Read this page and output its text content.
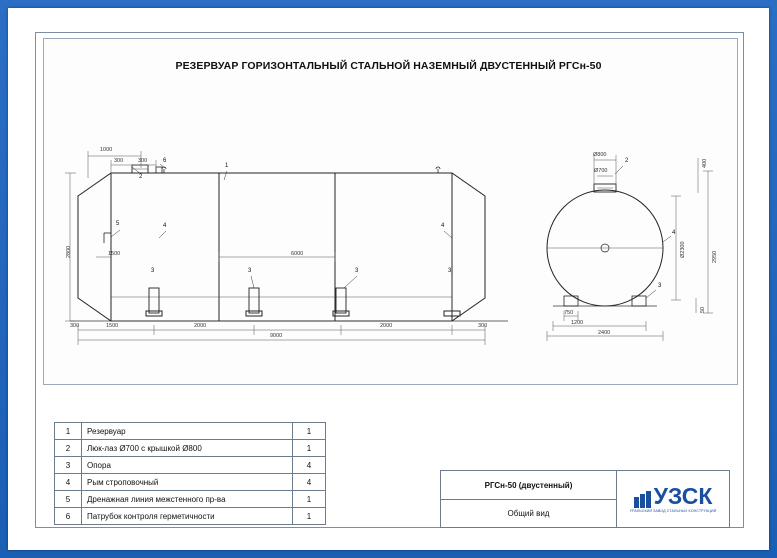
РЕЗЕРВУАР ГОРИЗОНТАЛЬНЫЙ СТАЛЬНОЙ НАЗЕМНЫЙ ДВУСТЕННЫЙ РГСн-50
1000
300	300
2800	1500	6000
1500	2000	2000
9000
300	300
1
2
3	3	3
3
4	4
5
6
Ø800
Ø700
400
Ø2300	2950
750
1200
2400
50
2
3
4
1	Резервуар	1
2	Люк-лаз Ø700 с крышкой Ø800	1
3	Опора	4
4	Рым строповочный	4
5	Дренажная линия межстенного пр-ва	1
6	Патрубок контроля герметичности	1
РГСн-50 (двустенный)
Общий вид
УЗСК
УРАЛЬСКИЙ ЗАВОД СТАЛЬНЫХ КОНСТРУКЦИЙ
